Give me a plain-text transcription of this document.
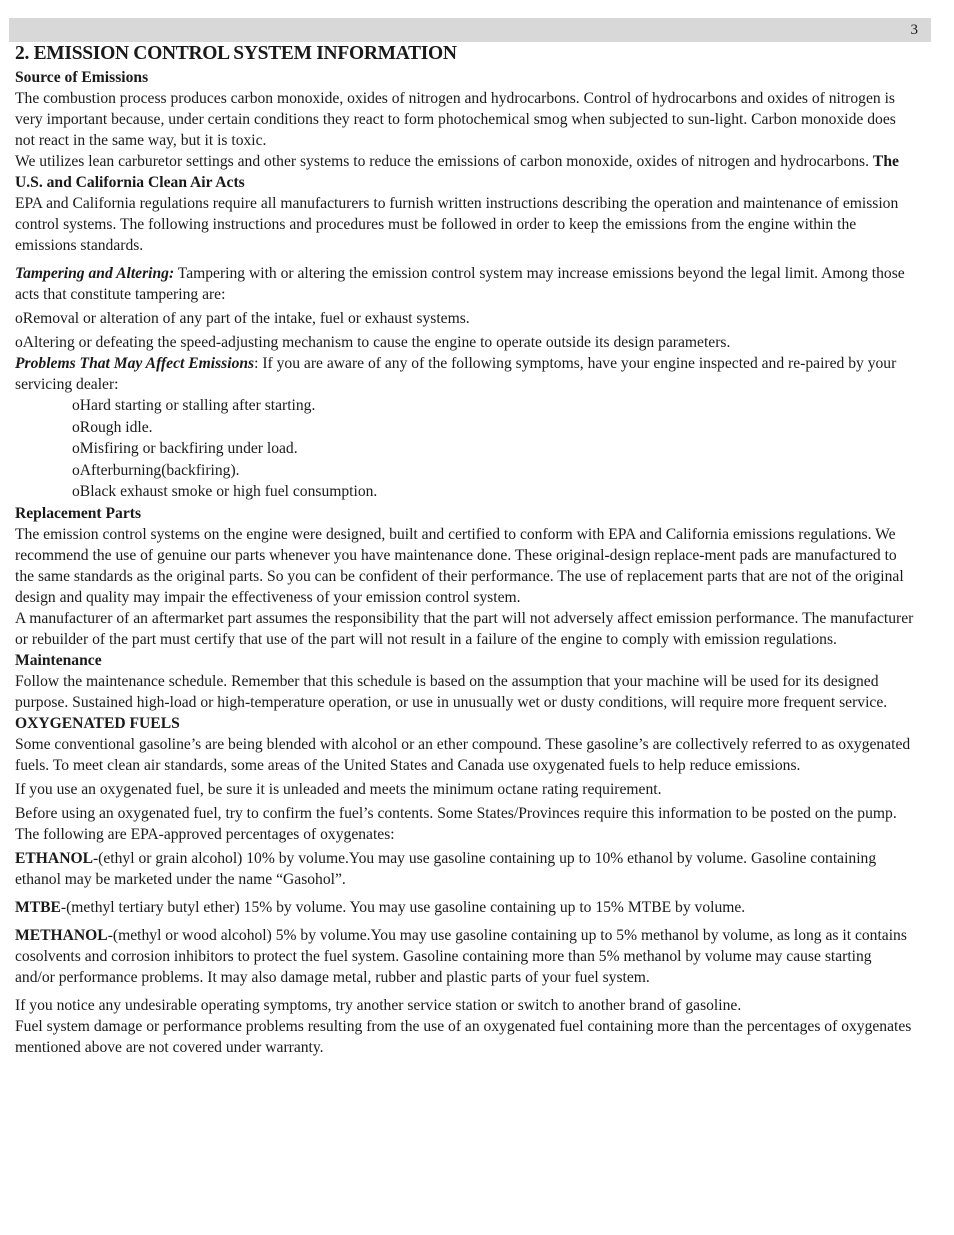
3
2. EMISSION CONTROL SYSTEM INFORMATION
Source of Emissions

The combustion process produces carbon monoxide, oxides of nitrogen and hydrocarbons. Control of hydrocarbons and oxides of nitrogen is very important because, under certain conditions they react to form photochemical smog when subjected to sun-light. Carbon monoxide does not react in the same way, but it is toxic.

We utilizes lean carburetor settings and other systems to reduce the emissions of carbon monoxide, oxides of nitrogen and hydrocarbons. The U.S. and California Clean Air Acts

EPA and California regulations require all manufacturers to furnish written instructions describing the operation and maintenance of emission control systems. The following instructions and procedures must be followed in order to keep the emissions from the engine within the emissions standards.

Tampering and Altering: Tampering with or altering the emission control system may increase emissions beyond the legal limit. Among those acts that constitute tampering are:

oRemoval or alteration of any part of the intake, fuel or exhaust systems.

oAltering or defeating the speed-adjusting mechanism to cause the engine to operate outside its design parameters.

Problems That May Affect Emissions: If you are aware of any of the following symptoms, have your engine inspected and re-paired by your servicing dealer:

oHard starting or stalling after starting.

oRough idle.

oMisfiring or backfiring under load.

oAfterburning(backfiring).

oBlack exhaust smoke or high fuel consumption.

Replacement Parts

The emission control systems on the engine were designed, built and certified to conform with EPA and California emissions regulations. We recommend the use of genuine our parts whenever you have maintenance done. These original-design replace-ment pads are manufactured to the same standards as the original parts. So you can be confident of their performance. The use of replacement parts that are not of the original design and quality may impair the effectiveness of your emission control system.

A manufacturer of an aftermarket part assumes the responsibility that the part will not adversely affect emission performance. The manufacturer or rebuilder of the part must certify that use of the part will not result in a failure of the engine to comply with emission regulations.

Maintenance

Follow the maintenance schedule. Remember that this schedule is based on the assumption that your machine will be used for its designed purpose. Sustained high-load or high-temperature operation, or use in unusually wet or dusty conditions, will require more frequent service.

OXYGENATED FUELS

Some conventional gasoline’s are being blended with alcohol or an ether compound. These gasoline’s are collectively referred to as oxygenated fuels. To meet clean air standards, some areas of the United States and Canada use oxygenated fuels to help reduce emissions.

If you use an oxygenated fuel, be sure it is unleaded and meets the minimum octane rating requirement.

Before using an oxygenated fuel, try to confirm the fuel’s contents. Some States/Provinces require this information to be posted on the pump. The following are EPA-approved percentages of oxygenates:

ETHANOL-(ethyl or grain alcohol) 10% by volume.You may use gasoline containing up to 10% ethanol by volume. Gasoline containing ethanol may be marketed under the name “Gasohol”.

MTBE-(methyl tertiary butyl ether) 15% by volume. You may use gasoline containing up to 15% MTBE by volume.

METHANOL-(methyl or wood alcohol) 5% by volume.You may use gasoline containing up to 5% methanol by volume, as long as it contains cosolvents and corrosion inhibitors to protect the fuel system. Gasoline containing more than 5% methanol by volume may cause starting and/or performance problems. It may also damage metal, rubber and plastic parts of your fuel system.

If you notice any undesirable operating symptoms, try another service station or switch to another brand of gasoline.

Fuel system damage or performance problems resulting from the use of an oxygenated fuel containing more than the percentages of oxygenates mentioned above are not covered under warranty.
